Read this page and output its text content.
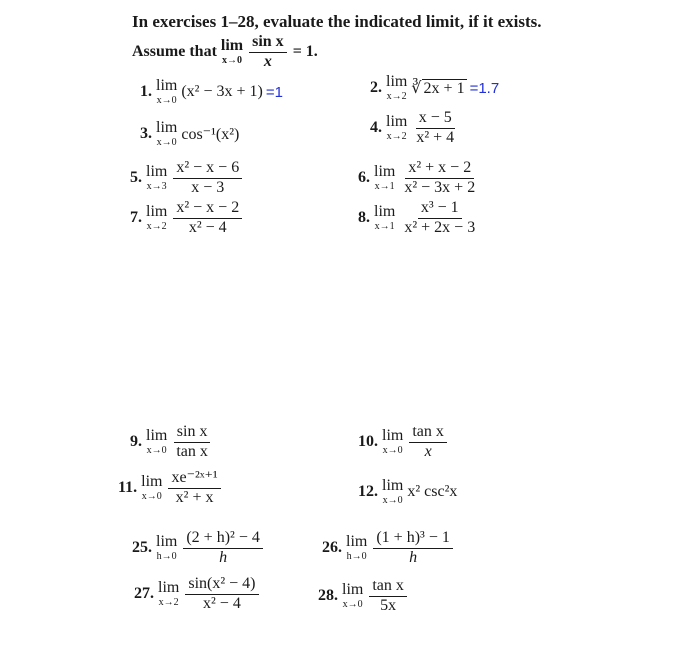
In exercises 1–28, evaluate the indicated limit, if it exists.
Assume that
lim
$x\to 0 \frac{\text{sin x}}{x}$
= 1.
1.
lim
x→0
(x² − 3x + 1) =1	2.
lim
x→2 ∛ 2x + 1 =1.7
3.
lim
x→0 cos⁻¹(x²)	4.
lim
$x\to 2 \frac{x - 5}{\text{x² + 4}}$
5.
lim
$x\to 3 \frac{\text{x² − x − 6}}{x - 3}$	6.
lim
$x\to 1 \frac{\text{x² + x − 2}}{\text{x² − 3x + 2}}$
7.
lim
$x\to 2 \frac{\text{x² − x − 2}}{\text{x² − 4}}$	8.
lim
$x\to 1 \frac{\text{x³ − 1}}{\text{x² + 2x − 3}}$
9.
lim
$x\to 0 \frac{\text{sin x}}{\text{tan x}}$	10.
lim
$x\to 0 \frac{\text{tan x}}{x}$
11.
lim
$x\to 0 \frac{\text{xe⁻²ˣ⁺¹}}{\text{x² + x}}$	12.
lim
x→0
x² csc²x
25.
lim
$h\to 0 \frac{\text{(2 + h)² − 4}}{h}$	26.
lim
$h\to 0 \frac{\text{(1 + h)³ − 1}}{h}$
27.
lim
$x\to 2 \frac{\text{sin(x² − 4)}}{\text{x² − 4}}$	28.
lim
$x\to 0 \frac{\text{tan x}}{5x}$
